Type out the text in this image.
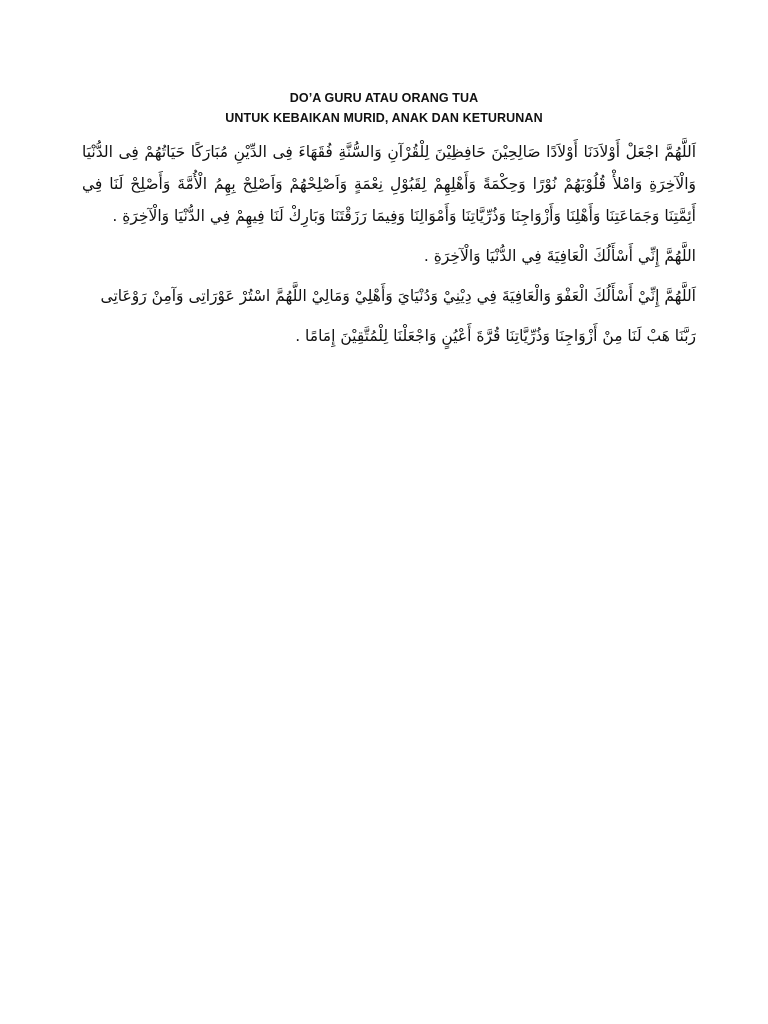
DO’A GURU ATAU ORANG TUA
UNTUK KEBAIKAN MURID, ANAK DAN KETURUNAN

اَللَّهُمَّ اجْعَلْ أَوْلاَدَنَا أَوْلاَدًا صَالِحِيْنَ حَافِظِيْنَ لِلْقُرْآنِ وَالسُّنَّةِ فُقَهَاءَ فِى الدِّيْنِ مُبَارَكًا حَيَاتُهُمْ فِى الدُّنْيَا وَالْآخِرَةِ وَامْلأْ قُلُوْبَهُمْ نُوْرًا وَحِكْمَةً وَأَهْلِهِمْ لِقَبُوْلِ نِعْمَةٍ وَاَصْلِحْهُمْ وَاَصْلِحْ بِهِمُ الْأُمَّةَ وَأَصْلِحْ لَنَا فِي أَئِمَّتِنَا وَجَمَاعَتِنَا وَأَهْلِنَا وَأَزْوَاجِنَا وَذُرِّيَّاتِنَا وَأَمْوَالِنَا وَفِيمَا رَزَقْتَنَا وَبَارِكْ لَنَا فِيهِمْ فِي الدُّنْيَا وَالْآخِرَةِ .

اللَّهُمَّ إِنِّي أَسْأَلُكَ الْعَافِيَةَ فِي الدُّنْيَا وَالْآخِرَةِ .

اَللَّهُمَّ إِنِّيْ أَسْأَلُكَ الْعَفْوَ وَالْعَافِيَةَ فِي دِيْنِيْ وَدُنْيَايَ وَأَهْلِيْ وَمَالِيْ اللَّهُمَّ اسْتُرْ عَوْرَاتِى وَآمِنْ رَوْعَاتِى

رَبَّنَا هَبْ لَنَا مِنْ أَزْوَاجِنَا وَذُرِّيَّاتِنَا قُرَّةَ أَعْيُنٍ وَاجْعَلْنَا لِلْمُتَّقِيْنَ إِمَامًا .
